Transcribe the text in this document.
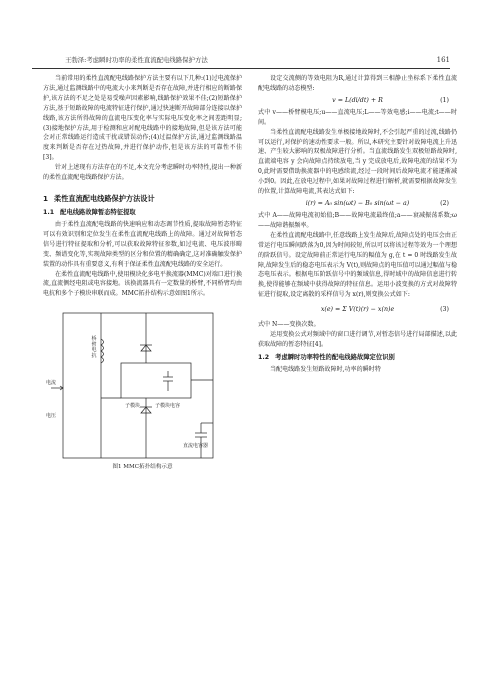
王勃泽:考虑瞬时功率的柔性直流配电线路保护方法	161

当前常用的柔性直流配电线路保护方法主要有以下几种:(1)过电流保护方法,通过监测线路中的电流大小来判断是否存在故障,并进行相应的断路保护,该方法的不足之处是易受噪声因素影响,线路保护效果不佳;(2)短路保护方法,基于短路故障的电流特征进行保护,通过快速断开故障部分连接以保护线路,该方法所得故障的直流电压变化率与实际电压变化率之间差距明显;(3)接地保护方法,用于检测和应对配电线路中的接地故障,但是该方法可能会对正常线路运行造成干扰或错误动作;(4)过温保护方法,通过监测线路温度来判断是否存在过热故障,并进行保护动作,但是该方法的可靠性不佳[3]。

针对上述现有方法存在的不足,本文充分考虑瞬时功率特性,提出一种新的柔性直流配电线路保护方法。

1 柔性直流配电线路保护方法设计
1.1 配电线路故障暂态特征提取

由于柔性直流配电线路的快速响应和动态调节性质,提取故障暂态特征可以有效识别和定位发生在柔性直流配电线路上的故障。通过对故障暂态信号进行特征提取和分析,可以获取故障特征参数,如过电流、电压波形畸变、频谱变化等,实现故障类型的区分和位置的精确确定,这对准确触发保护装置的动作具有重要意义,有利于保证柔性直流配电线路的安全运行。

在柔性直流配电线路中,使用模块化多电平换流器(MMC)对端口进行换流,直流侧经电阻或电容接地。该换流器具有一定数量的桥臂,不同桥臂均由电抗和多个子模块串联而成。MMC拓扑结构示意如图1所示。

桥臂电抗
子模块
电流
电压
子模块电容
直流电容器
图1 MMC拓扑结构示意

设定交流侧的等效电阻为R,通过计算得到三相静止坐标系下柔性直流配电线路的动态模型:

v = L(di/dt) + R	(1)

式中 v——桥臂模电压;u——直流电压;L——等效电感;i——电流;t——时间。

当柔性直流配电线路发生单极接地故障时,不会引起严重的过流,线路仍可以运行,对保护的速动性要求一般。所以,本研究主要针对故障电流上升迅速、产生较大影响的双极故障进行分析。当直流线路发生双极短路故障时,直流端电容 y 会向故障点持续放电,当 y 完成放电后,故障电流的结果不为0,此时需要借助换流器中的电感续流,经过一段时间后故障电流才能逐渐减小到0。因此,在放电过程中,如果对故障过程进行解析,就需要根据故障发生的位置,计算故障电流,其表达式如下:

i(r) = A₀ sin(ωt) − B₀ sin(ωt − a)	(2)

式中 A——故障电流初始值;B——故障电流最终值;a——衰减振荡系数;ω——故障谐振频率。

在柔性直流配电线路中,任意线路上发生故障后,故障点处的电压会由正常运行电压瞬间跌落为0,因为时间较短,所以可以将该过程等效为一个理想的阶跃信号。设定故障前正常运行电压的幅值为 g,在 t = 0 时线路发生故障,故障发生后的稳态电压表示为 V(t),则故障点的电压值可以通过幅值与稳态电压表示。根据电压阶跃信号中的频域信息,得时域中的故障信息进行转换,使得能够在频域中获得故障的特征信息。运用小波变换的方式对故障特征进行提取,设定离散的采样信号为 x(r),则变换公式如下:

x(e) = Σ V(t)(r) − x(n)e	(3)

式中 N——变换次数。

运用变换公式对频域中的窗口进行调节,对暂态信号进行局部描述,以此获取故障的暂态特征[4]。

1.2 考虑瞬时功率特性的配电线路故障定位识别

当配电线路发生短路故障时,功率的瞬时特
